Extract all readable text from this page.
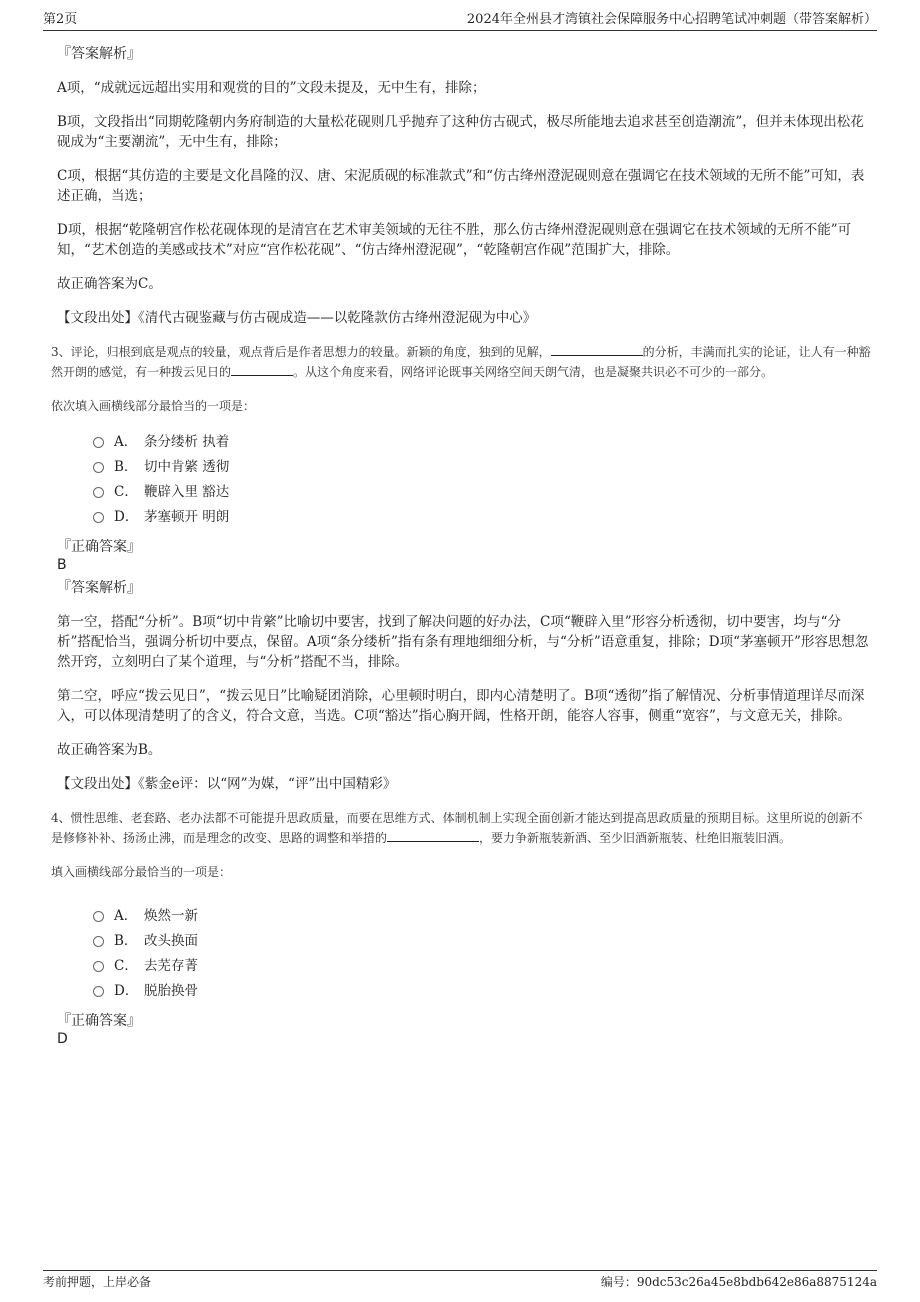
第2页	2024年全州县才湾镇社会保障服务中心招聘笔试冲刺题（带答案解析）
『答案解析』
A项，“成就远远超出实用和观赏的目的”文段未提及，无中生有，排除；
B项，文段指出“同期乾隆朝内务府制造的大量松花砚则几乎抛弃了这种仿古砚式，极尽所能地去追求甚至创造潮流”，但并未体现出松花砚成为“主要潮流”，无中生有，排除；
C项，根据“其仿造的主要是文化昌隆的汉、唐、宋泥质砚的标准款式”和“仿古绛州澄泥砚则意在强调它在技术领域的无所不能”可知，表述正确，当选；
D项，根据“乾隆朝宫作松花砚体现的是清宫在艺术审美领域的无往不胜，那么仿古绛州澄泥砚则意在强调它在技术领域的无所不能”可知，“艺术创造的美感或技术”对应“宫作松花砚”、“仿古绛州澄泥砚”，“乾隆朝宫作砚”范围扩大，排除。
故正确答案为C。
【文段出处】《清代古砚鉴藏与仿古砚成造——以乾隆款仿古绛州澄泥砚为中心》
3、评论，归根到底是观点的较量，观点背后是作者思想力的较量。新颖的角度，独到的见解，	的分析，丰满而扎实的论证，让人有一种豁然开朗的感觉，有一种拨云见日的	。从这个角度来看，网络评论既事关网络空间天朗气清，也是凝聚共识必不可少的一部分。
依次填入画横线部分最恰当的一项是：
A． 条分缕析 执着
B． 切中肯綮 透彻
C． 鞭辟入里 豁达
D． 茅塞顿开 明朗
『正确答案』
B
『答案解析』
第一空，搭配“分析”。B项“切中肯綮”比喻切中要害，找到了解决问题的好办法，C项“鞭辟入里”形容分析透彻，切中要害，均与“分析”搭配恰当，强调分析切中要点，保留。A项“条分缕析”指有条有理地细细分析，与“分析”语意重复，排除；D项“茅塞顿开”形容思想忽然开窍，立刻明白了某个道理，与“分析”搭配不当，排除。
第二空，呼应“拨云见日”，“拨云见日”比喻疑团消除，心里顿时明白，即内心清楚明了。B项“透彻”指了解情况、分析事情道理详尽而深入，可以体现清楚明了的含义，符合文意，当选。C项“豁达”指心胸开阔，性格开朗，能容人容事，侧重“宽容”，与文意无关，排除。
故正确答案为B。
【文段出处】《紫金e评：以“网”为媒，“评”出中国精彩》
4、惯性思维、老套路、老办法都不可能提升思政质量，而要在思维方式、体制机制上实现全面创新才能达到提高思政质量的预期目标。这里所说的创新不是修修补补、扬汤止沸，而是理念的改变、思路的调整和举措的	，要力争新瓶装新酒、至少旧酒新瓶装、杜绝旧瓶装旧酒。
填入画横线部分最恰当的一项是：
A． 焕然一新
B． 改头换面
C． 去芜存菁
D． 脱胎换骨
『正确答案』
D
考前押题，上岸必备	编号：90dc53c26a45e8bdb642e86a8875124a
